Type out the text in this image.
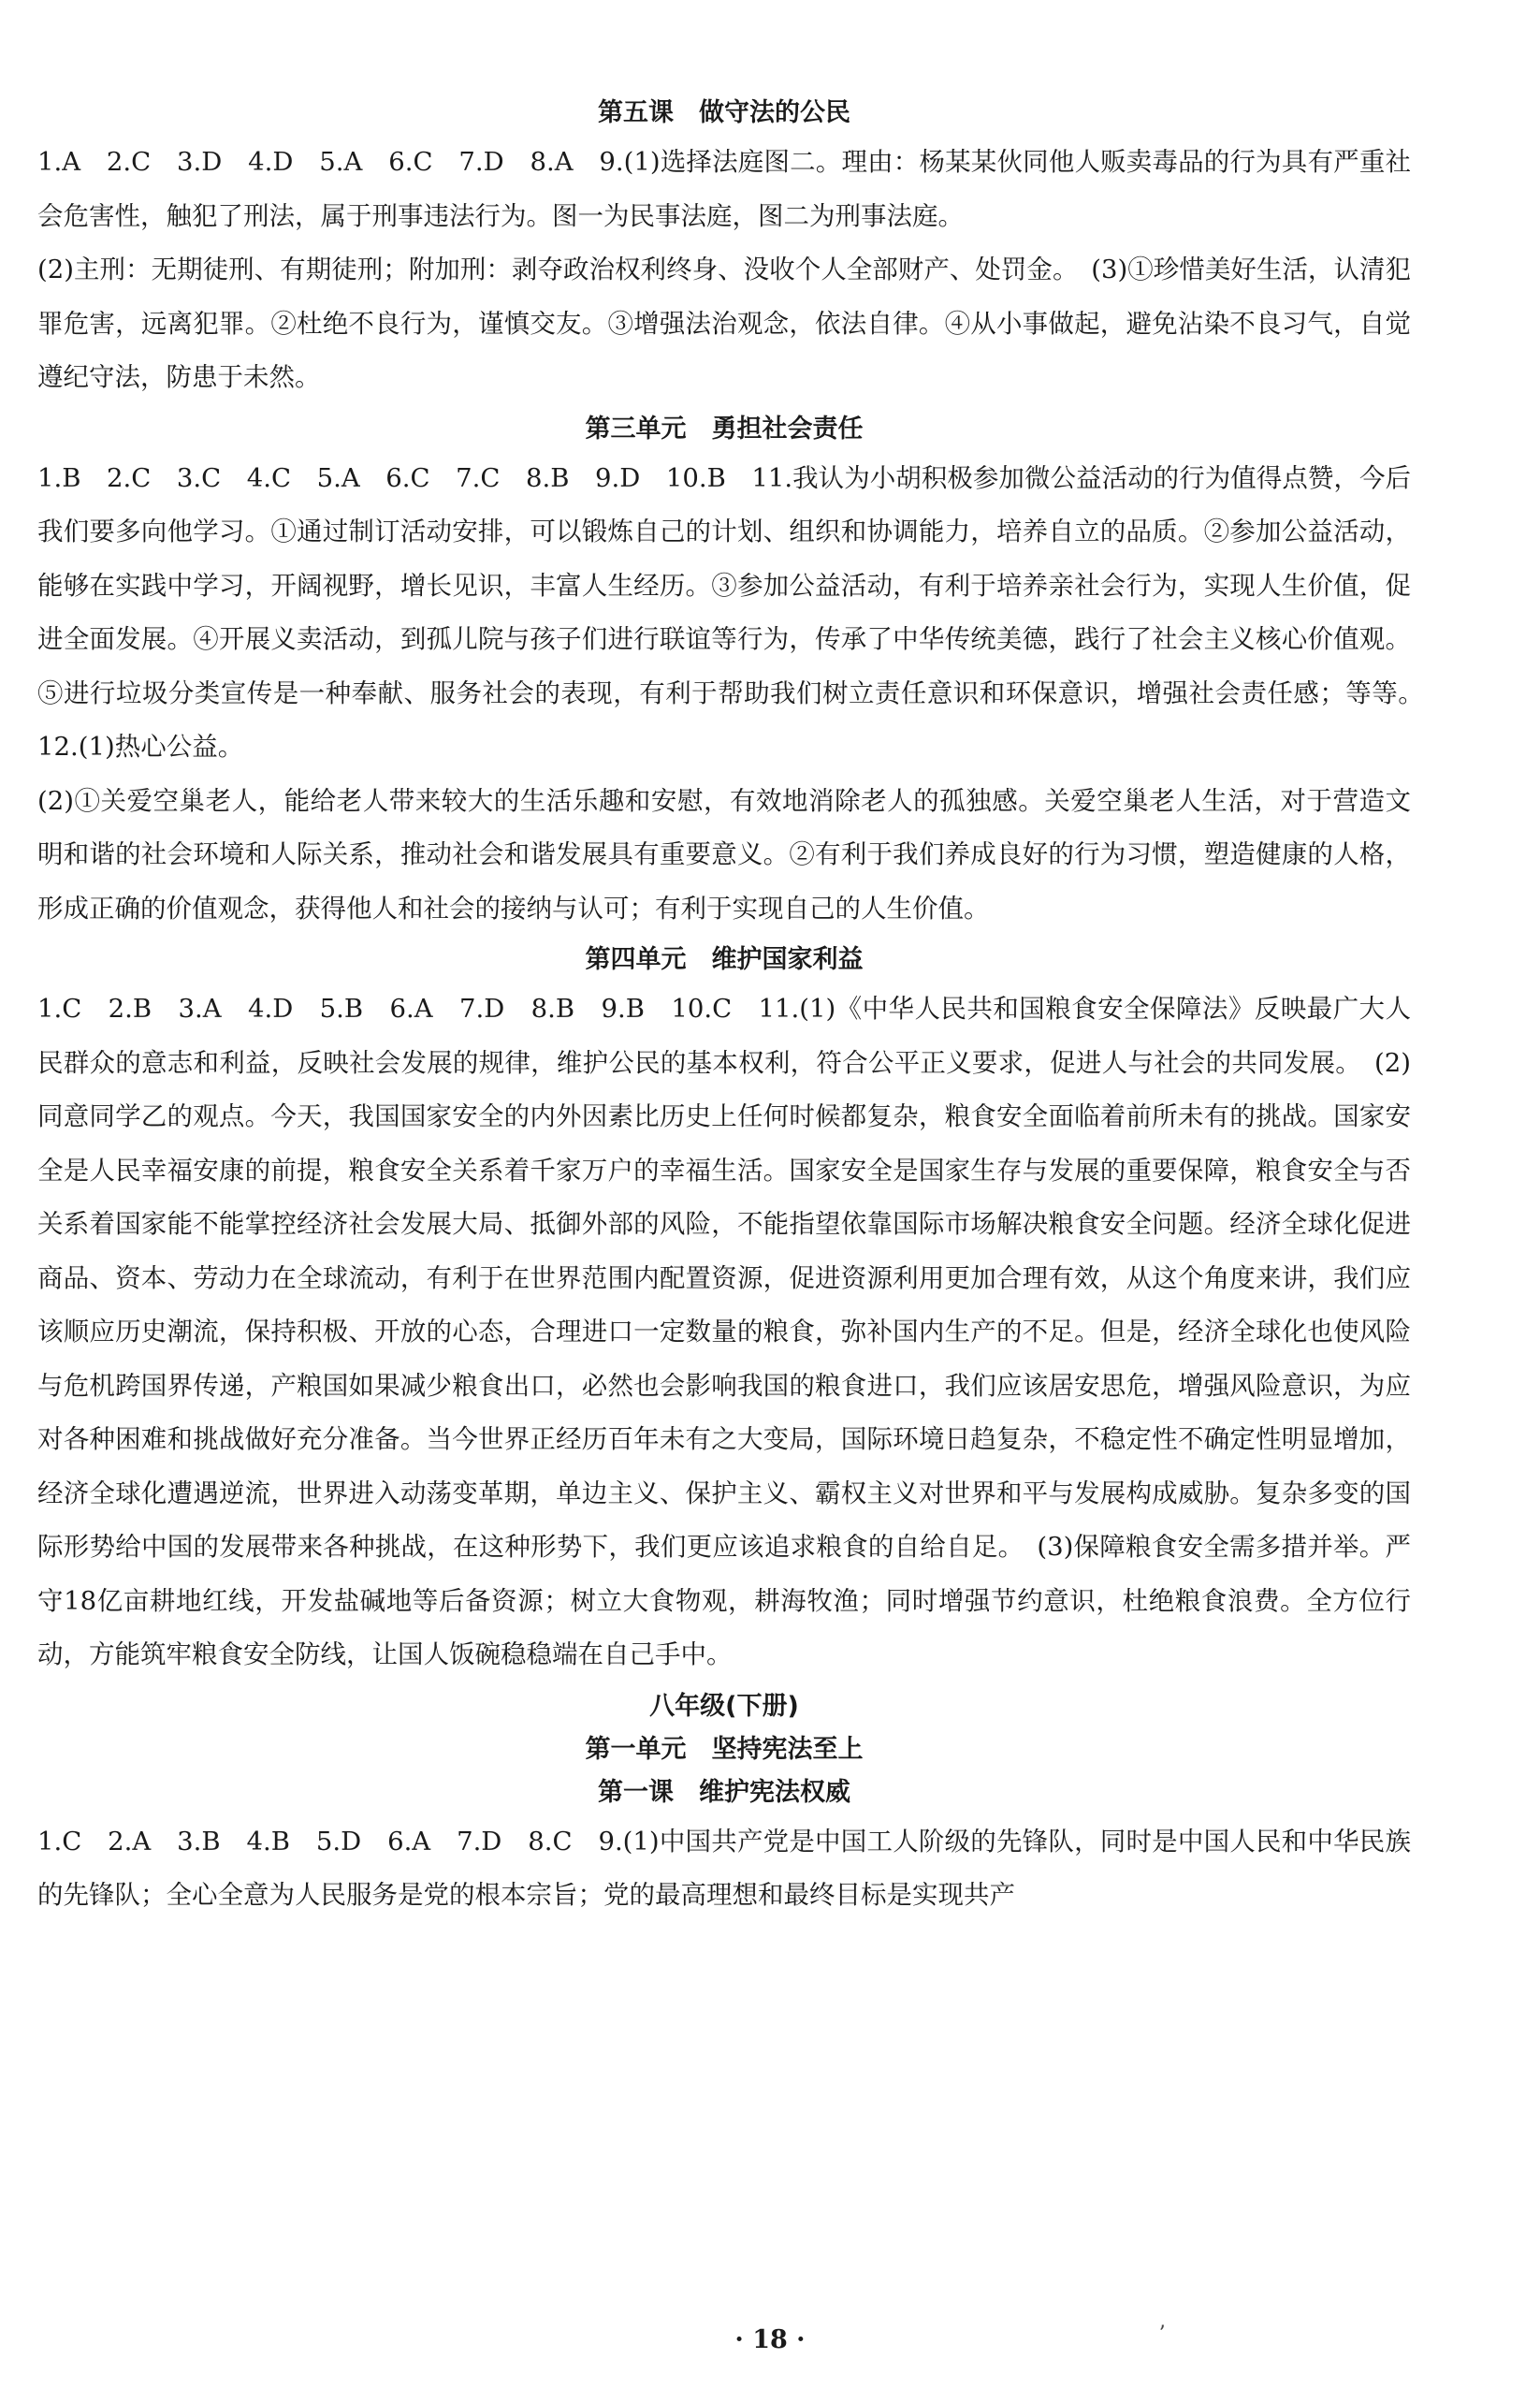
第五课　做守法的公民

1.A　2.C　3.D　4.D　5.A　6.C　7.D　8.A　9.(1)选择法庭图二。理由：杨某某伙同他人贩卖毒品的行为具有严重社会危害性，触犯了刑法，属于刑事违法行为。图一为民事法庭，图二为刑事法庭。

(2)主刑：无期徒刑、有期徒刑；附加刑：剥夺政治权利终身、没收个人全部财产、处罚金。　(3)①珍惜美好生活，认清犯罪危害，远离犯罪。②杜绝不良行为，谨慎交友。③增强法治观念，依法自律。④从小事做起，避免沾染不良习气，自觉遵纪守法，防患于未然。

第三单元　勇担社会责任

1.B　2.C　3.C　4.C　5.A　6.C　7.C　8.B　9.D　10.B　11.我认为小胡积极参加微公益活动的行为值得点赞，今后我们要多向他学习。①通过制订活动安排，可以锻炼自己的计划、组织和协调能力，培养自立的品质。②参加公益活动，能够在实践中学习，开阔视野，增长见识，丰富人生经历。③参加公益活动，有利于培养亲社会行为，实现人生价值，促进全面发展。④开展义卖活动，到孤儿院与孩子们进行联谊等行为，传承了中华传统美德，践行了社会主义核心价值观。⑤进行垃圾分类宣传是一种奉献、服务社会的表现，有利于帮助我们树立责任意识和环保意识，增强社会责任感；等等。　12.(1)热心公益。

(2)①关爱空巢老人，能给老人带来较大的生活乐趣和安慰，有效地消除老人的孤独感。关爱空巢老人生活，对于营造文明和谐的社会环境和人际关系，推动社会和谐发展具有重要意义。②有利于我们养成良好的行为习惯，塑造健康的人格，形成正确的价值观念，获得他人和社会的接纳与认可；有利于实现自己的人生价值。

第四单元　维护国家利益

1.C　2.B　3.A　4.D　5.B　6.A　7.D　8.B　9.B　10.C　11.(1)《中华人民共和国粮食安全保障法》反映最广大人民群众的意志和利益，反映社会发展的规律，维护公民的基本权利，符合公平正义要求，促进人与社会的共同发展。　(2)同意同学乙的观点。今天，我国国家安全的内外因素比历史上任何时候都复杂，粮食安全面临着前所未有的挑战。国家安全是人民幸福安康的前提，粮食安全关系着千家万户的幸福生活。国家安全是国家生存与发展的重要保障，粮食安全与否关系着国家能不能掌控经济社会发展大局、抵御外部的风险，不能指望依靠国际市场解决粮食安全问题。经济全球化促进商品、资本、劳动力在全球流动，有利于在世界范围内配置资源，促进资源利用更加合理有效，从这个角度来讲，我们应该顺应历史潮流，保持积极、开放的心态，合理进口一定数量的粮食，弥补国内生产的不足。但是，经济全球化也使风险与危机跨国界传递，产粮国如果减少粮食出口，必然也会影响我国的粮食进口，我们应该居安思危，增强风险意识，为应对各种困难和挑战做好充分准备。当今世界正经历百年未有之大变局，国际环境日趋复杂，不稳定性不确定性明显增加，经济全球化遭遇逆流，世界进入动荡变革期，单边主义、保护主义、霸权主义对世界和平与发展构成威胁。复杂多变的国际形势给中国的发展带来各种挑战，在这种形势下，我们更应该追求粮食的自给自足。　(3)保障粮食安全需多措并举。严守18亿亩耕地红线，开发盐碱地等后备资源；树立大食物观，耕海牧渔；同时增强节约意识，杜绝粮食浪费。全方位行动，方能筑牢粮食安全防线，让国人饭碗稳稳端在自己手中。

八年级(下册)
第一单元　坚持宪法至上
第一课　维护宪法权威

1.C　2.A　3.B　4.B　5.D　6.A　7.D　8.C　9.(1)中国共产党是中国工人阶级的先锋队，同时是中国人民和中华民族的先锋队；全心全意为人民服务是党的根本宗旨；党的最高理想和最终目标是实现共产

· 18 ·	ʼ
